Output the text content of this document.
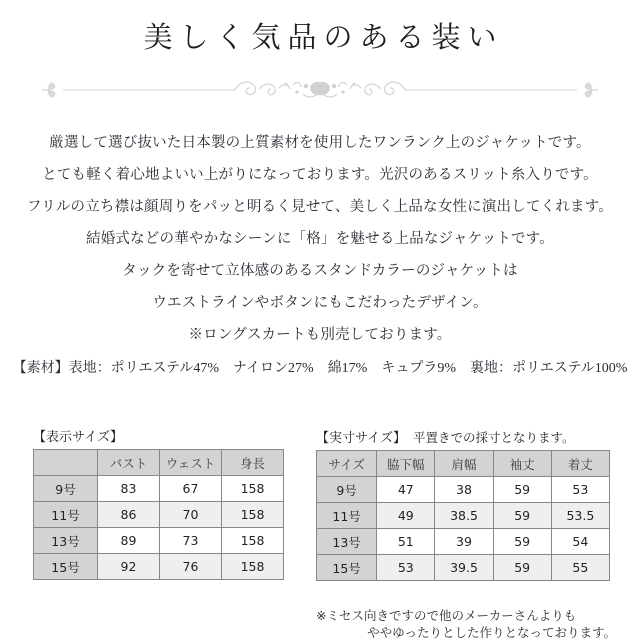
美しく気品のある装い
厳選して選び抜いた日本製の上質素材を使用したワンランク上のジャケットです。
とても軽く着心地よいい上がりになっております。光沢のあるスリット糸入りです。
フリルの立ち襟は顔周りをパッと明るく見せて、美しく上品な女性に演出してくれます。
結婚式などの華やかなシーンに「格」を魅せる上品なジャケットです。
タックを寄せて立体感のあるスタンドカラーのジャケットは
ウエストラインやボタンにもこだわったデザイン。
※ロングスカートも別売しております。
【素材】表地：ポリエステル47%　ナイロン27%　綿17%　キュプラ9%　裏地：ポリエステル100%
【表示サイズ】
	バスト	ウェスト	身長
9号	83	67	158
11号	86	70	158
13号	89	73	158
15号	92	76	158
【実寸サイズ】 平置きでの採寸となります。
サイズ	脇下幅	肩幅	袖丈	着丈
9号	47	38	59	53
11号	49	38.5	59	53.5
13号	51	39	59	54
15号	53	39.5	59	55
※ミセス向きですので他のメーカーさんよりも
ややゆったりとした作りとなっております。
